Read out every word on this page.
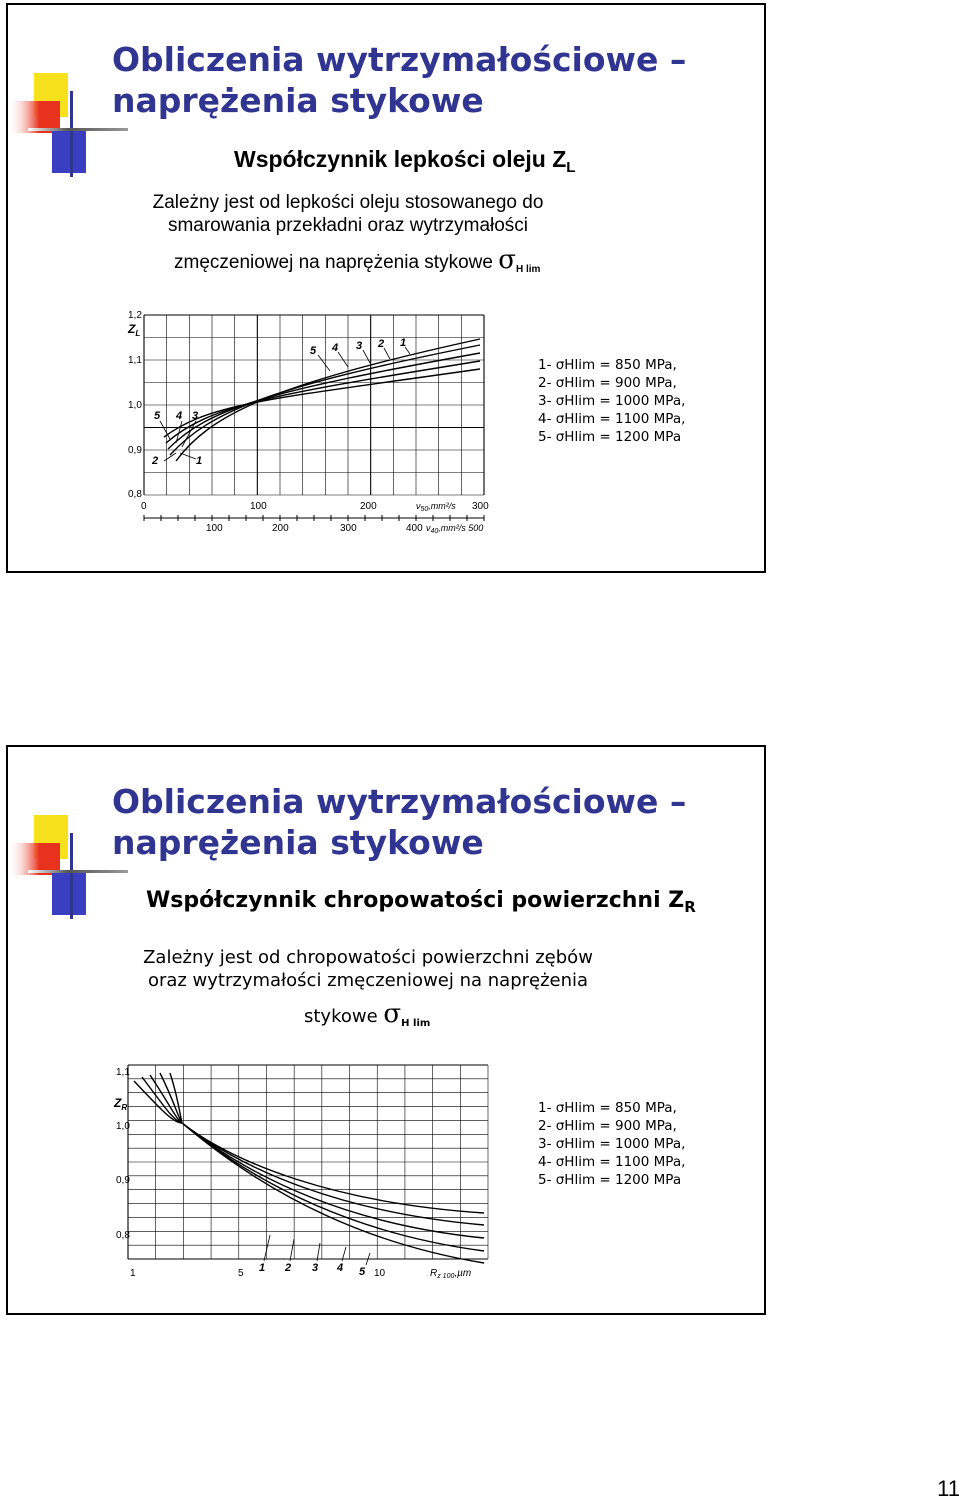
Obliczenia wytrzymałościowe –
naprężenia stykowe
Współczynnik lepkości oleju $Z_L$
Zależny jest od lepkości oleju stosowanego do
smarowania przekładni oraz wytrzymałości
zmęczeniowej na naprężenia stykowe $\sigma_{H lim}$
$Z_L$
1,2
1,1
1,0
0,9
0,8
0	100	200	300
$\nu_{50},mm^2/s$
100	200	300	400 $\nu_{40},mm^2/s$ 500
5 4 3 2 1
5 4 3
2	1
1- σHlim = 850 MPa,
2- σHlim = 900 MPa,
3- σHlim = 1000 MPa,
4- σHlim = 1100 MPa,
5- σHlim = 1200 MPa
Obliczenia wytrzymałościowe –
naprężenia stykowe
Współczynnik chropowatości powierzchni $Z_R$
Zależny jest od chropowatości powierzchni zębów
oraz wytrzymałości zmęczeniowej na naprężenia
stykowe $\sigma_{H lim}$
$Z_R$
1,1
1,0
0,9
0,8
1	5	10	$R_{z 100},\mu m$
1 2 3 4 5
1- σHlim = 850 MPa,
2- σHlim = 900 MPa,
3- σHlim = 1000 MPa,
4- σHlim = 1100 MPa,
5- σHlim = 1200 MPa
11
